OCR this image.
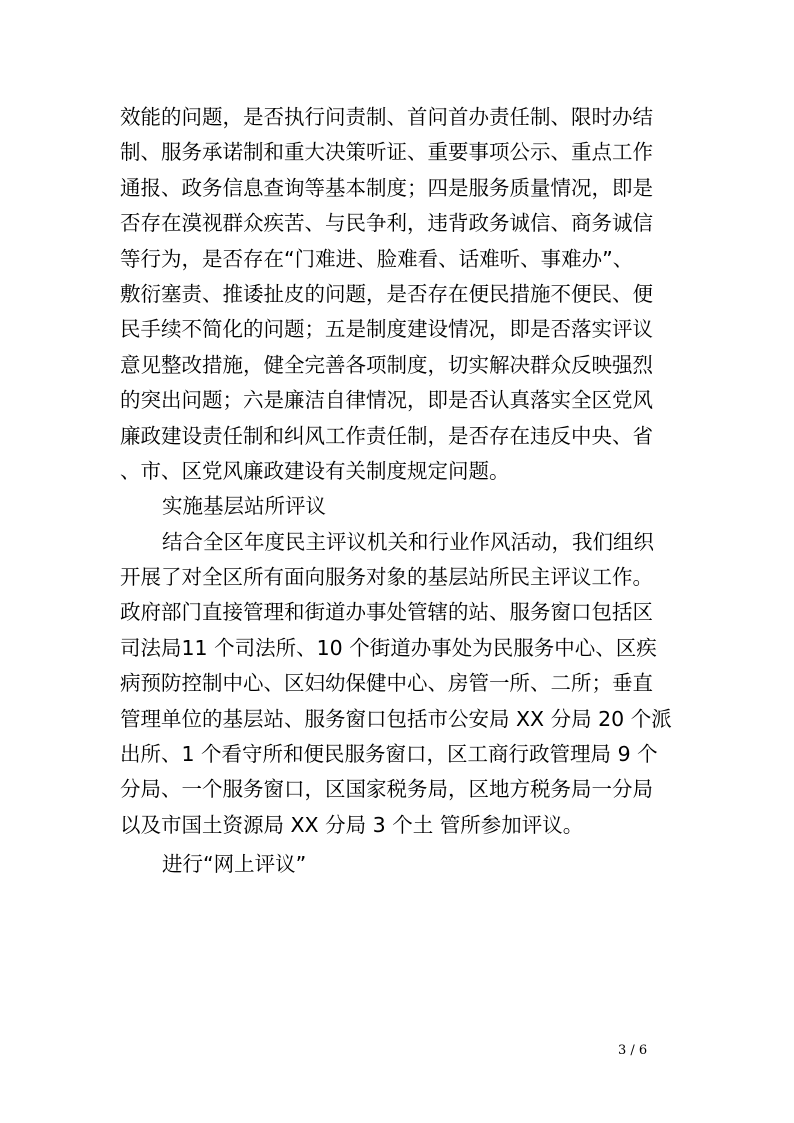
效能的问题，是否执行问责制、首问首办责任制、限时办结
制、服务承诺制和重大决策听证、重要事项公示、重点工作
通报、政务信息查询等基本制度；四是服务质量情况，即是
否存在漠视群众疾苦、与民争利，违背政务诚信、商务诚信
等行为，是否存在“门难进、脸难看、话难听、事难办”、
敷衍塞责、推诿扯皮的问题，是否存在便民措施不便民、便
民手续不简化的问题；五是制度建设情况，即是否落实评议
意见整改措施，健全完善各项制度，切实解决群众反映强烈
的突出问题；六是廉洁自律情况，即是否认真落实全区党风
廉政建设责任制和纠风工作责任制，是否存在违反中央、省
、市、区党风廉政建设有关制度规定问题。
实施基层站所评议
结合全区年度民主评议机关和行业作风活动，我们组织
开展了对全区所有面向服务对象的基层站所民主评议工作。
政府部门直接管理和街道办事处管辖的站、服务窗口包括区
司法局11 个司法所、10 个街道办事处为民服务中心、区疾
病预防控制中心、区妇幼保健中心、房管一所、二所；垂直
管理单位的基层站、服务窗口包括市公安局 XX 分局 20 个派
出所、1 个看守所和便民服务窗口，区工商行政管理局 9 个
分局、一个服务窗口，区国家税务局，区地方税务局一分局
以及市国土资源局 XX 分局 3 个土 管所参加评议。
进行“网上评议”
3 / 6
